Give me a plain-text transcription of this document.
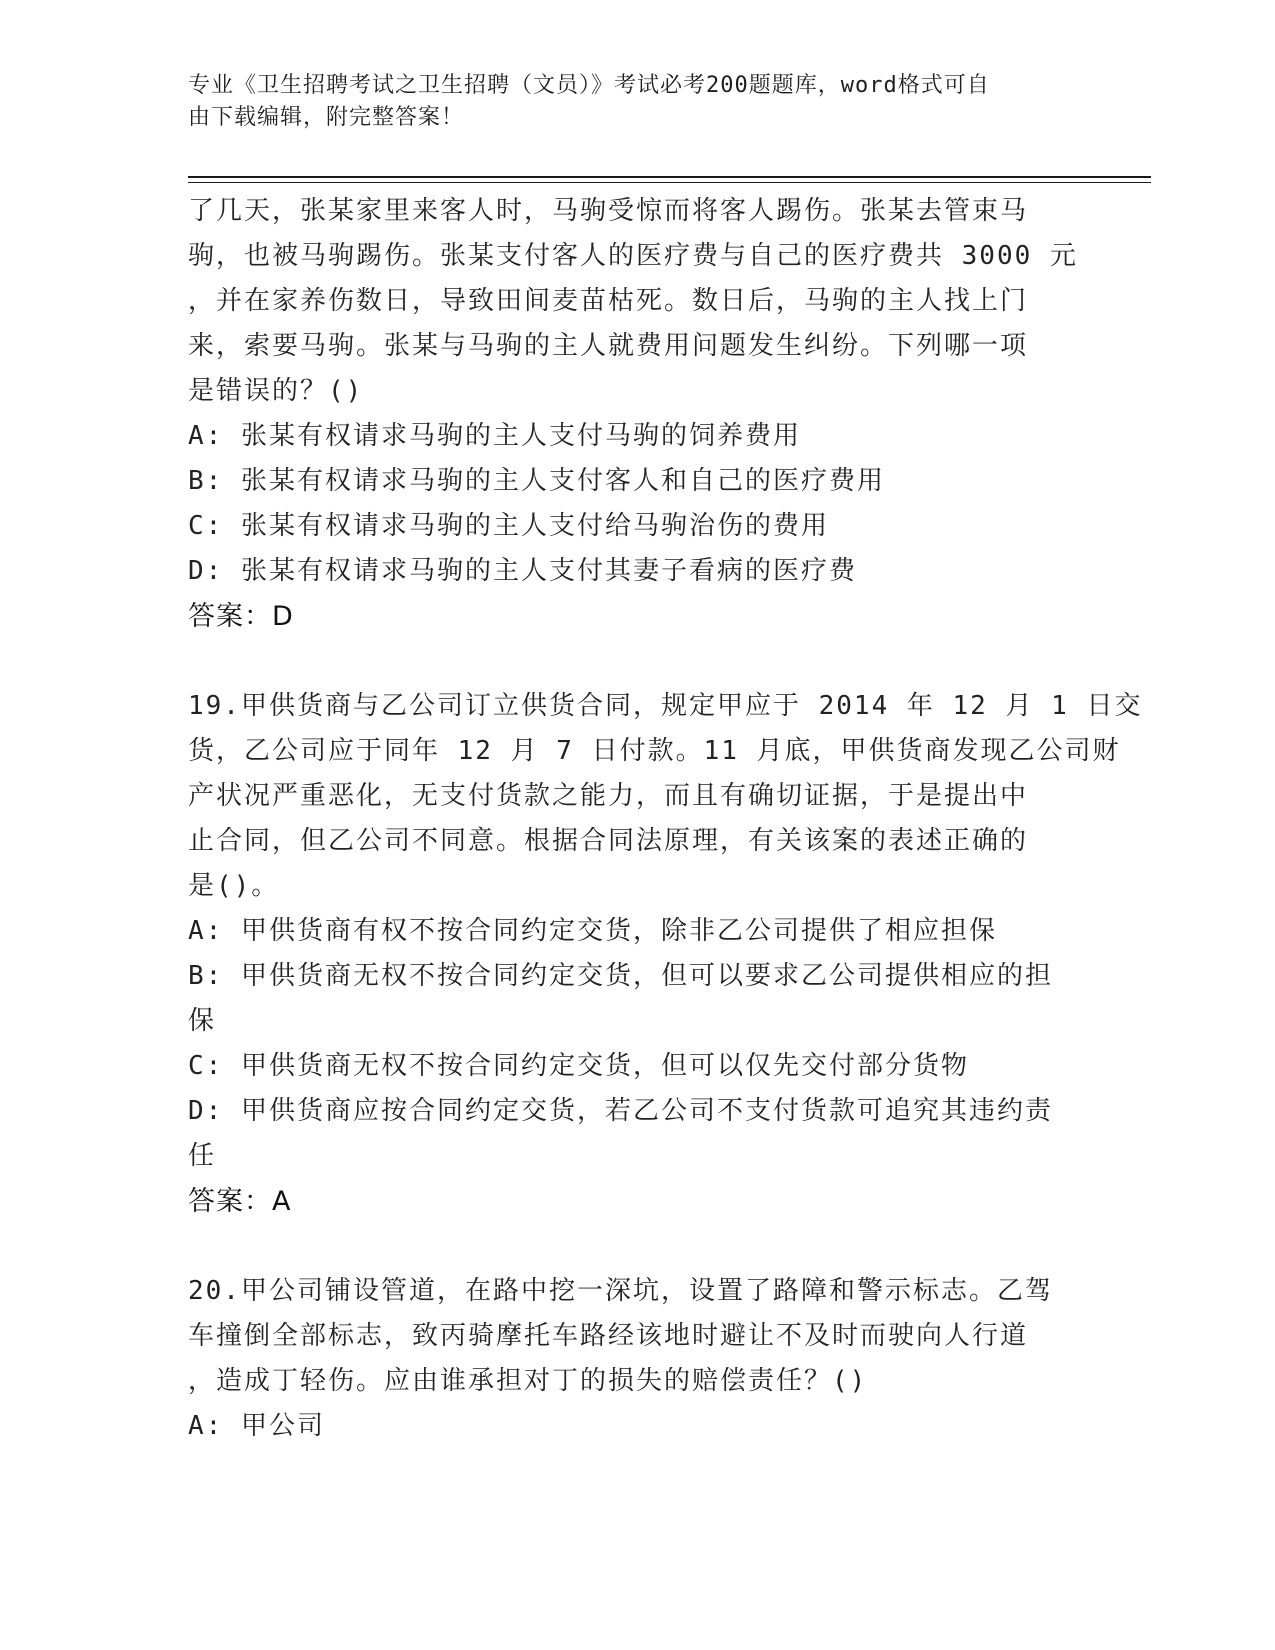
专业《卫生招聘考试之卫生招聘（文员）》考试必考200题题库，word格式可自
由下载编辑，附完整答案！
了几天，张某家里来客人时，马驹受惊而将客人踢伤。张某去管束马
驹，也被马驹踢伤。张某支付客人的医疗费与自己的医疗费共 3000 元
，并在家养伤数日，导致田间麦苗枯死。数日后，马驹的主人找上门
来，索要马驹。张某与马驹的主人就费用问题发生纠纷。下列哪一项
是错误的？()
A: 张某有权请求马驹的主人支付马驹的饲养费用
B: 张某有权请求马驹的主人支付客人和自己的医疗费用
C: 张某有权请求马驹的主人支付给马驹治伤的费用
D: 张某有权请求马驹的主人支付其妻子看病的医疗费
答案：D
19.甲供货商与乙公司订立供货合同，规定甲应于 2014 年 12 月 1 日交
货，乙公司应于同年 12 月 7 日付款。11 月底，甲供货商发现乙公司财
产状况严重恶化，无支付货款之能力，而且有确切证据，于是提出中
止合同，但乙公司不同意。根据合同法原理，有关该案的表述正确的
是()。
A: 甲供货商有权不按合同约定交货，除非乙公司提供了相应担保
B: 甲供货商无权不按合同约定交货，但可以要求乙公司提供相应的担
保
C: 甲供货商无权不按合同约定交货，但可以仅先交付部分货物
D: 甲供货商应按合同约定交货，若乙公司不支付货款可追究其违约责
任
答案：A
20.甲公司铺设管道，在路中挖一深坑，设置了路障和警示标志。乙驾
车撞倒全部标志，致丙骑摩托车路经该地时避让不及时而驶向人行道
，造成丁轻伤。应由谁承担对丁的损失的赔偿责任？()
A: 甲公司
